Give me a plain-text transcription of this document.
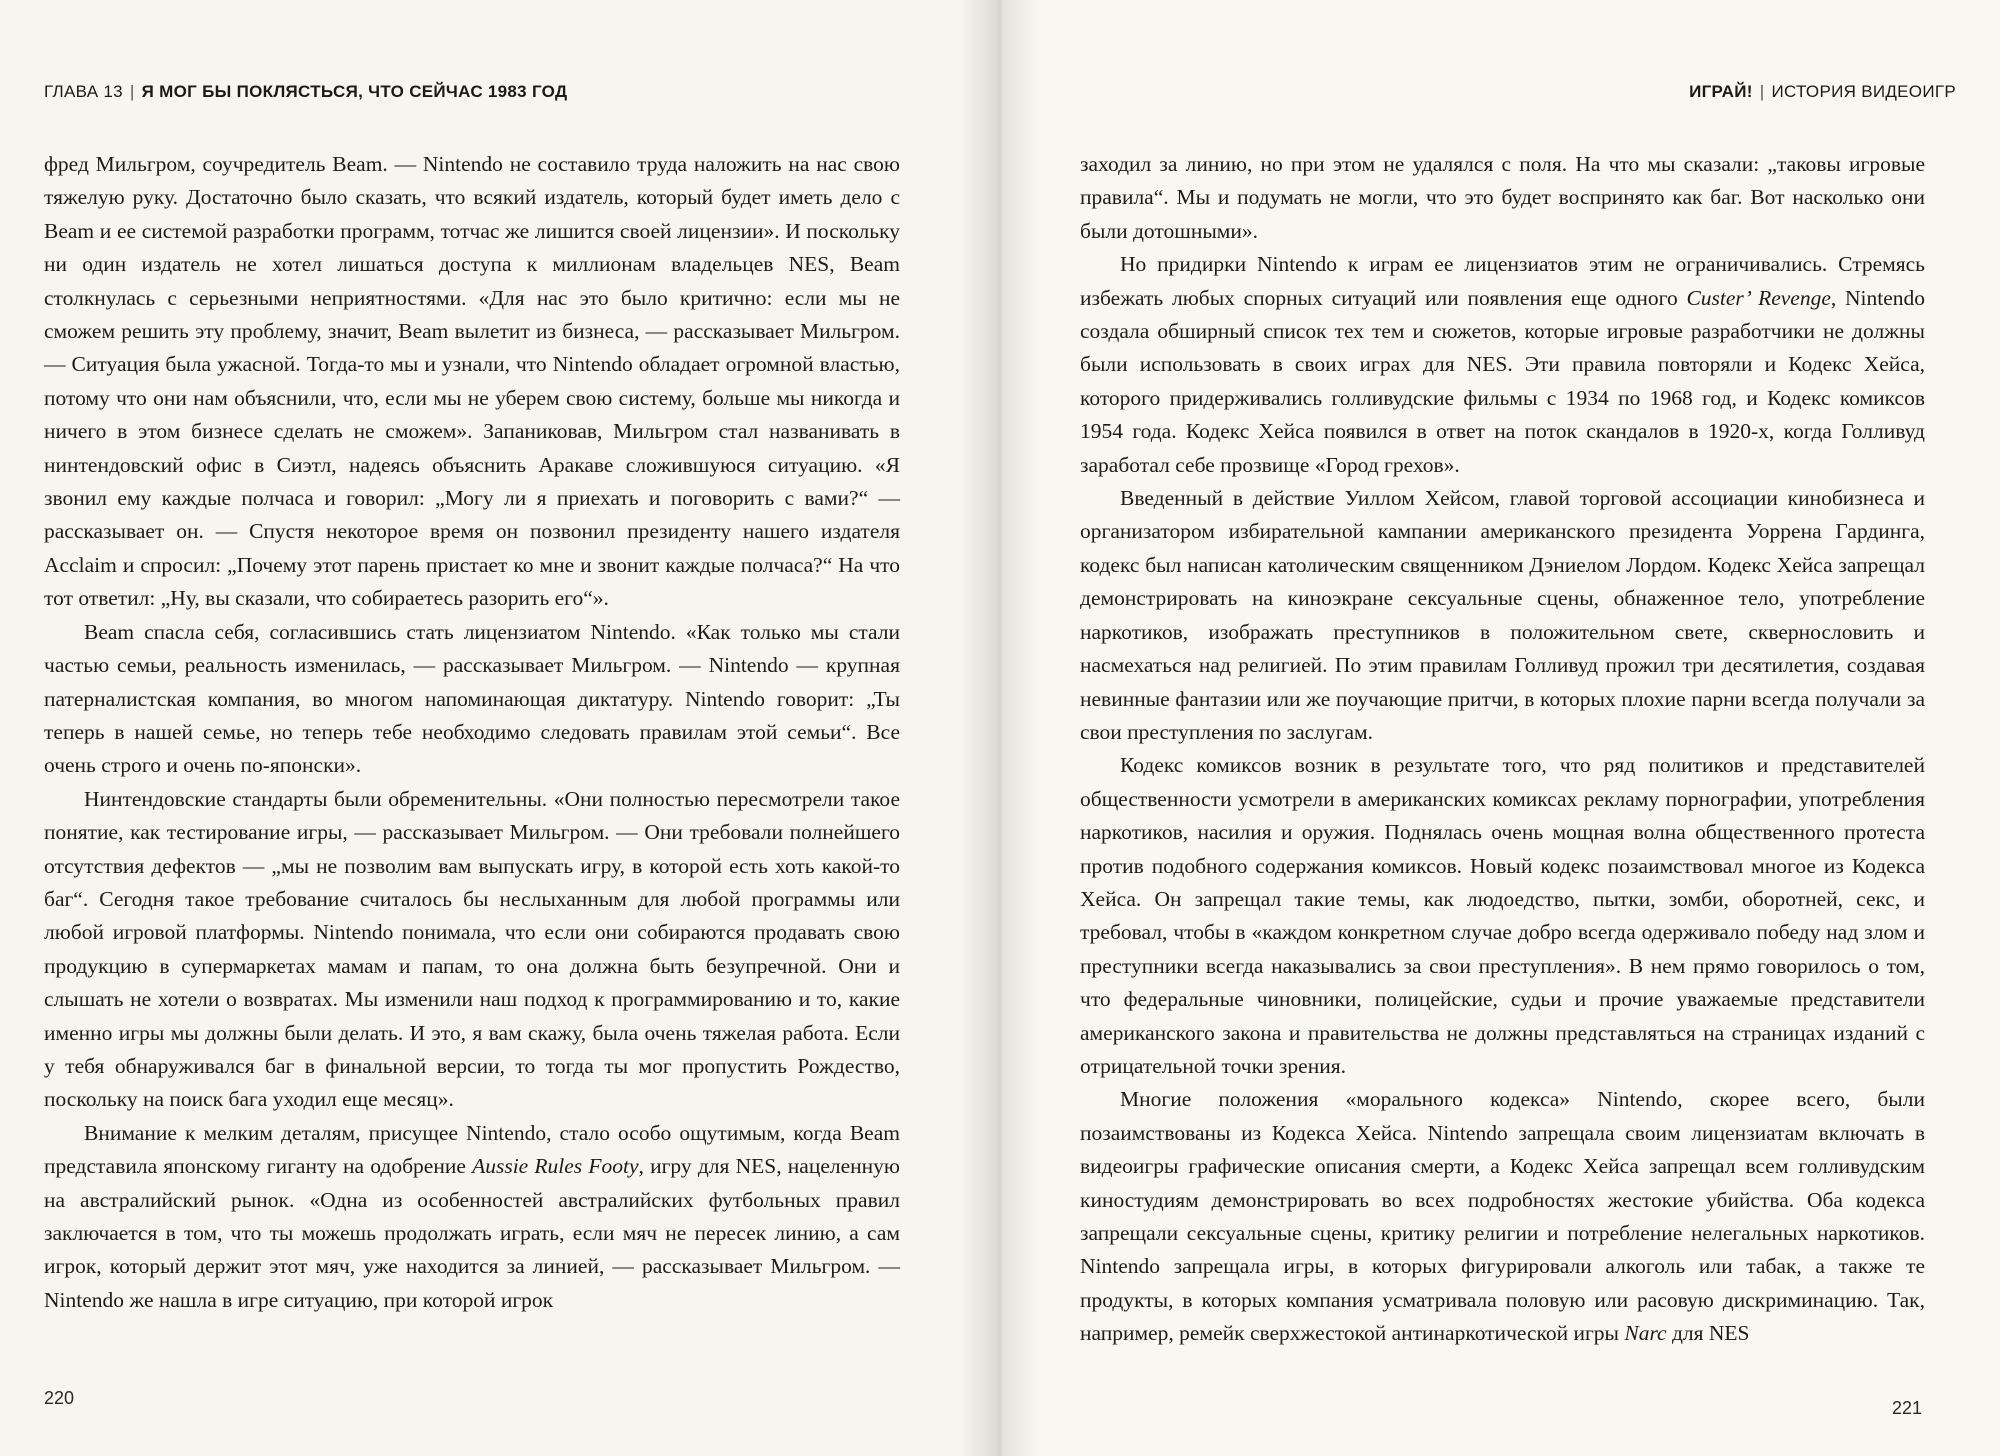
ГЛАВА 13 | Я МОГ БЫ ПОКЛЯСТЬСЯ, ЧТО СЕЙЧАС 1983 ГОД

фред Мильгром, соучредитель Beam. — Nintendo не составило труда наложить на нас свою тяжелую руку. Достаточно было сказать, что всякий издатель, который будет иметь дело с Beam и ее системой разработки программ, тотчас же лишится своей лицензии». И поскольку ни один издатель не хотел лишаться доступа к миллионам владельцев NES, Beam столкнулась с серьезными неприятностями. «Для нас это было критично: если мы не сможем решить эту проблему, значит, Beam вылетит из бизнеса, — рассказывает Мильгром. — Ситуация была ужасной. Тогда-то мы и узнали, что Nintendo обладает огромной властью, потому что они нам объяснили, что, если мы не уберем свою систему, больше мы никогда и ничего в этом бизнесе сделать не сможем». Запаниковав, Мильгром стал названивать в нинтендовский офис в Сиэтл, надеясь объяснить Аракаве сложившуюся ситуацию. «Я звонил ему каждые полчаса и говорил: „Могу ли я приехать и поговорить с вами?“ — рассказывает он. — Спустя некоторое время он позвонил президенту нашего издателя Acclaim и спросил: „Почему этот парень пристает ко мне и звонит каждые полчаса?“ На что тот ответил: „Ну, вы сказали, что собираетесь разорить его“».

Beam спасла себя, согласившись стать лицензиатом Nintendo. «Как только мы стали частью семьи, реальность изменилась, — рассказывает Мильгром. — Nintendo — крупная патерналистская компания, во многом напоминающая диктатуру. Nintendo говорит: „Ты теперь в нашей семье, но теперь тебе необходимо следовать правилам этой семьи“. Все очень строго и очень по-японски».

Нинтендовские стандарты были обременительны. «Они полностью пересмотрели такое понятие, как тестирование игры, — рассказывает Мильгром. — Они требовали полнейшего отсутствия дефектов — „мы не позволим вам выпускать игру, в которой есть хоть какой-то баг“. Сегодня такое требование считалось бы неслыханным для любой программы или любой игровой платформы. Nintendo понимала, что если они собираются продавать свою продукцию в супермаркетах мамам и папам, то она должна быть безупречной. Они и слышать не хотели о возвратах. Мы изменили наш подход к программированию и то, какие именно игры мы должны были делать. И это, я вам скажу, была очень тяжелая работа. Если у тебя обнаруживался баг в финальной версии, то тогда ты мог пропустить Рождество, поскольку на поиск бага уходил еще месяц».

Внимание к мелким деталям, присущее Nintendo, стало особо ощутимым, когда Beam представила японскому гиганту на одобрение Aussie Rules Footy, игру для NES, нацеленную на австралийский рынок. «Одна из особенностей австралийских футбольных правил заключается в том, что ты можешь продолжать играть, если мяч не пересек линию, а сам игрок, который держит этот мяч, уже находится за линией, — рассказывает Мильгром. — Nintendo же нашла в игре ситуацию, при которой игрок

220
ИГРАЙ! | ИСТОРИЯ ВИДЕОИГР

заходил за линию, но при этом не удалялся с поля. На что мы сказали: „таковы игровые правила“. Мы и подумать не могли, что это будет воспринято как баг. Вот насколько они были дотошными».

Но придирки Nintendo к играм ее лицензиатов этим не ограничивались. Стремясь избежать любых спорных ситуаций или появления еще одного Custer’ Revenge, Nintendo создала обширный список тех тем и сюжетов, которые игровые разработчики не должны были использовать в своих играх для NES. Эти правила повторяли и Кодекс Хейса, которого придерживались голливудские фильмы с 1934 по 1968 год, и Кодекс комиксов 1954 года. Кодекс Хейса появился в ответ на поток скандалов в 1920-х, когда Голливуд заработал себе прозвище «Город грехов».

Введенный в действие Уиллом Хейсом, главой торговой ассоциации кинобизнеса и организатором избирательной кампании американского президента Уоррена Гардинга, кодекс был написан католическим священником Дэниелом Лордом. Кодекс Хейса запрещал демонстрировать на киноэкране сексуальные сцены, обнаженное тело, употребление наркотиков, изображать преступников в положительном свете, сквернословить и насмехаться над религией. По этим правилам Голливуд прожил три десятилетия, создавая невинные фантазии или же поучающие притчи, в которых плохие парни всегда получали за свои преступления по заслугам.

Кодекс комиксов возник в результате того, что ряд политиков и представителей общественности усмотрели в американских комиксах рекламу порнографии, употребления наркотиков, насилия и оружия. Поднялась очень мощная волна общественного протеста против подобного содержания комиксов. Новый кодекс позаимствовал многое из Кодекса Хейса. Он запрещал такие темы, как людоедство, пытки, зомби, оборотней, секс, и требовал, чтобы в «каждом конкретном случае добро всегда одерживало победу над злом и преступники всегда наказывались за свои преступления». В нем прямо говорилось о том, что федеральные чиновники, полицейские, судьи и прочие уважаемые представители американского закона и правительства не должны представляться на страницах изданий с отрицательной точки зрения.

Многие положения «морального кодекса» Nintendo, скорее всего, были позаимствованы из Кодекса Хейса. Nintendo запрещала своим лицензиатам включать в видеоигры графические описания смерти, а Кодекс Хейса запрещал всем голливудским киностудиям демонстрировать во всех подробностях жестокие убийства. Оба кодекса запрещали сексуальные сцены, критику религии и потребление нелегальных наркотиков. Nintendo запрещала игры, в которых фигурировали алкоголь или табак, а также те продукты, в которых компания усматривала половую или расовую дискриминацию. Так, например, ремейк сверхжестокой антинаркотической игры Narc для NES

221
